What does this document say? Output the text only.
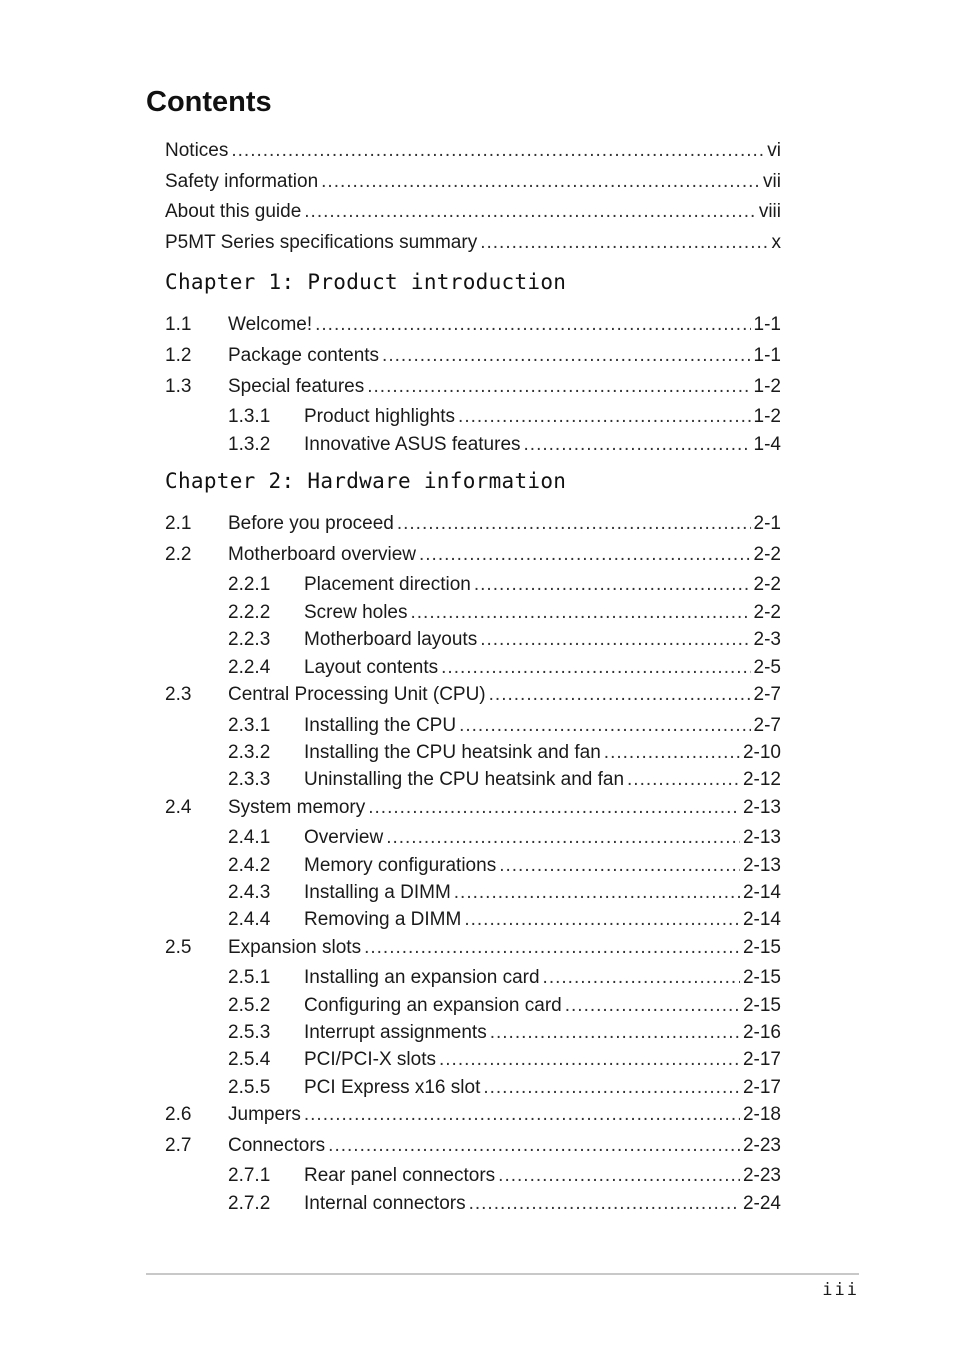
Contents
Notices .....	vi
Safety information .....	vii
About this guide .....	viii
P5MT Series specifications summary .....	x
Chapter 1: Product introduction
1.1	Welcome! .....	1-1
1.2	Package contents .....	1-1
1.3	Special features .....	1-2
1.3.1	Product highlights .....	1-2
1.3.2	Innovative ASUS features .....	1-4
Chapter 2: Hardware information
2.1	Before you proceed .....	2-1
2.2	Motherboard overview .....	2-2
2.2.1	Placement direction .....	2-2
2.2.2	Screw holes .....	2-2
2.2.3	Motherboard layouts .....	2-3
2.2.4	Layout contents .....	2-5
2.3	Central Processing Unit (CPU) .....	2-7
2.3.1	Installing the CPU .....	2-7
2.3.2	Installing the CPU heatsink and fan .....	2-10
2.3.3	Uninstalling the CPU heatsink and fan .....	2-12
2.4	System memory .....	2-13
2.4.1	Overview .....	2-13
2.4.2	Memory configurations .....	2-13
2.4.3	Installing a DIMM .....	2-14
2.4.4	Removing a DIMM .....	2-14
2.5	Expansion slots .....	2-15
2.5.1	Installing an expansion card .....	2-15
2.5.2	Configuring an expansion card .....	2-15
2.5.3	Interrupt assignments .....	2-16
2.5.4	PCI/PCI-X slots .....	2-17
2.5.5	PCI Express x16 slot .....	2-17
2.6	Jumpers .....	2-18
2.7	Connectors .....	2-23
2.7.1	Rear panel connectors .....	2-23
2.7.2	Internal connectors .....	2-24
iii
